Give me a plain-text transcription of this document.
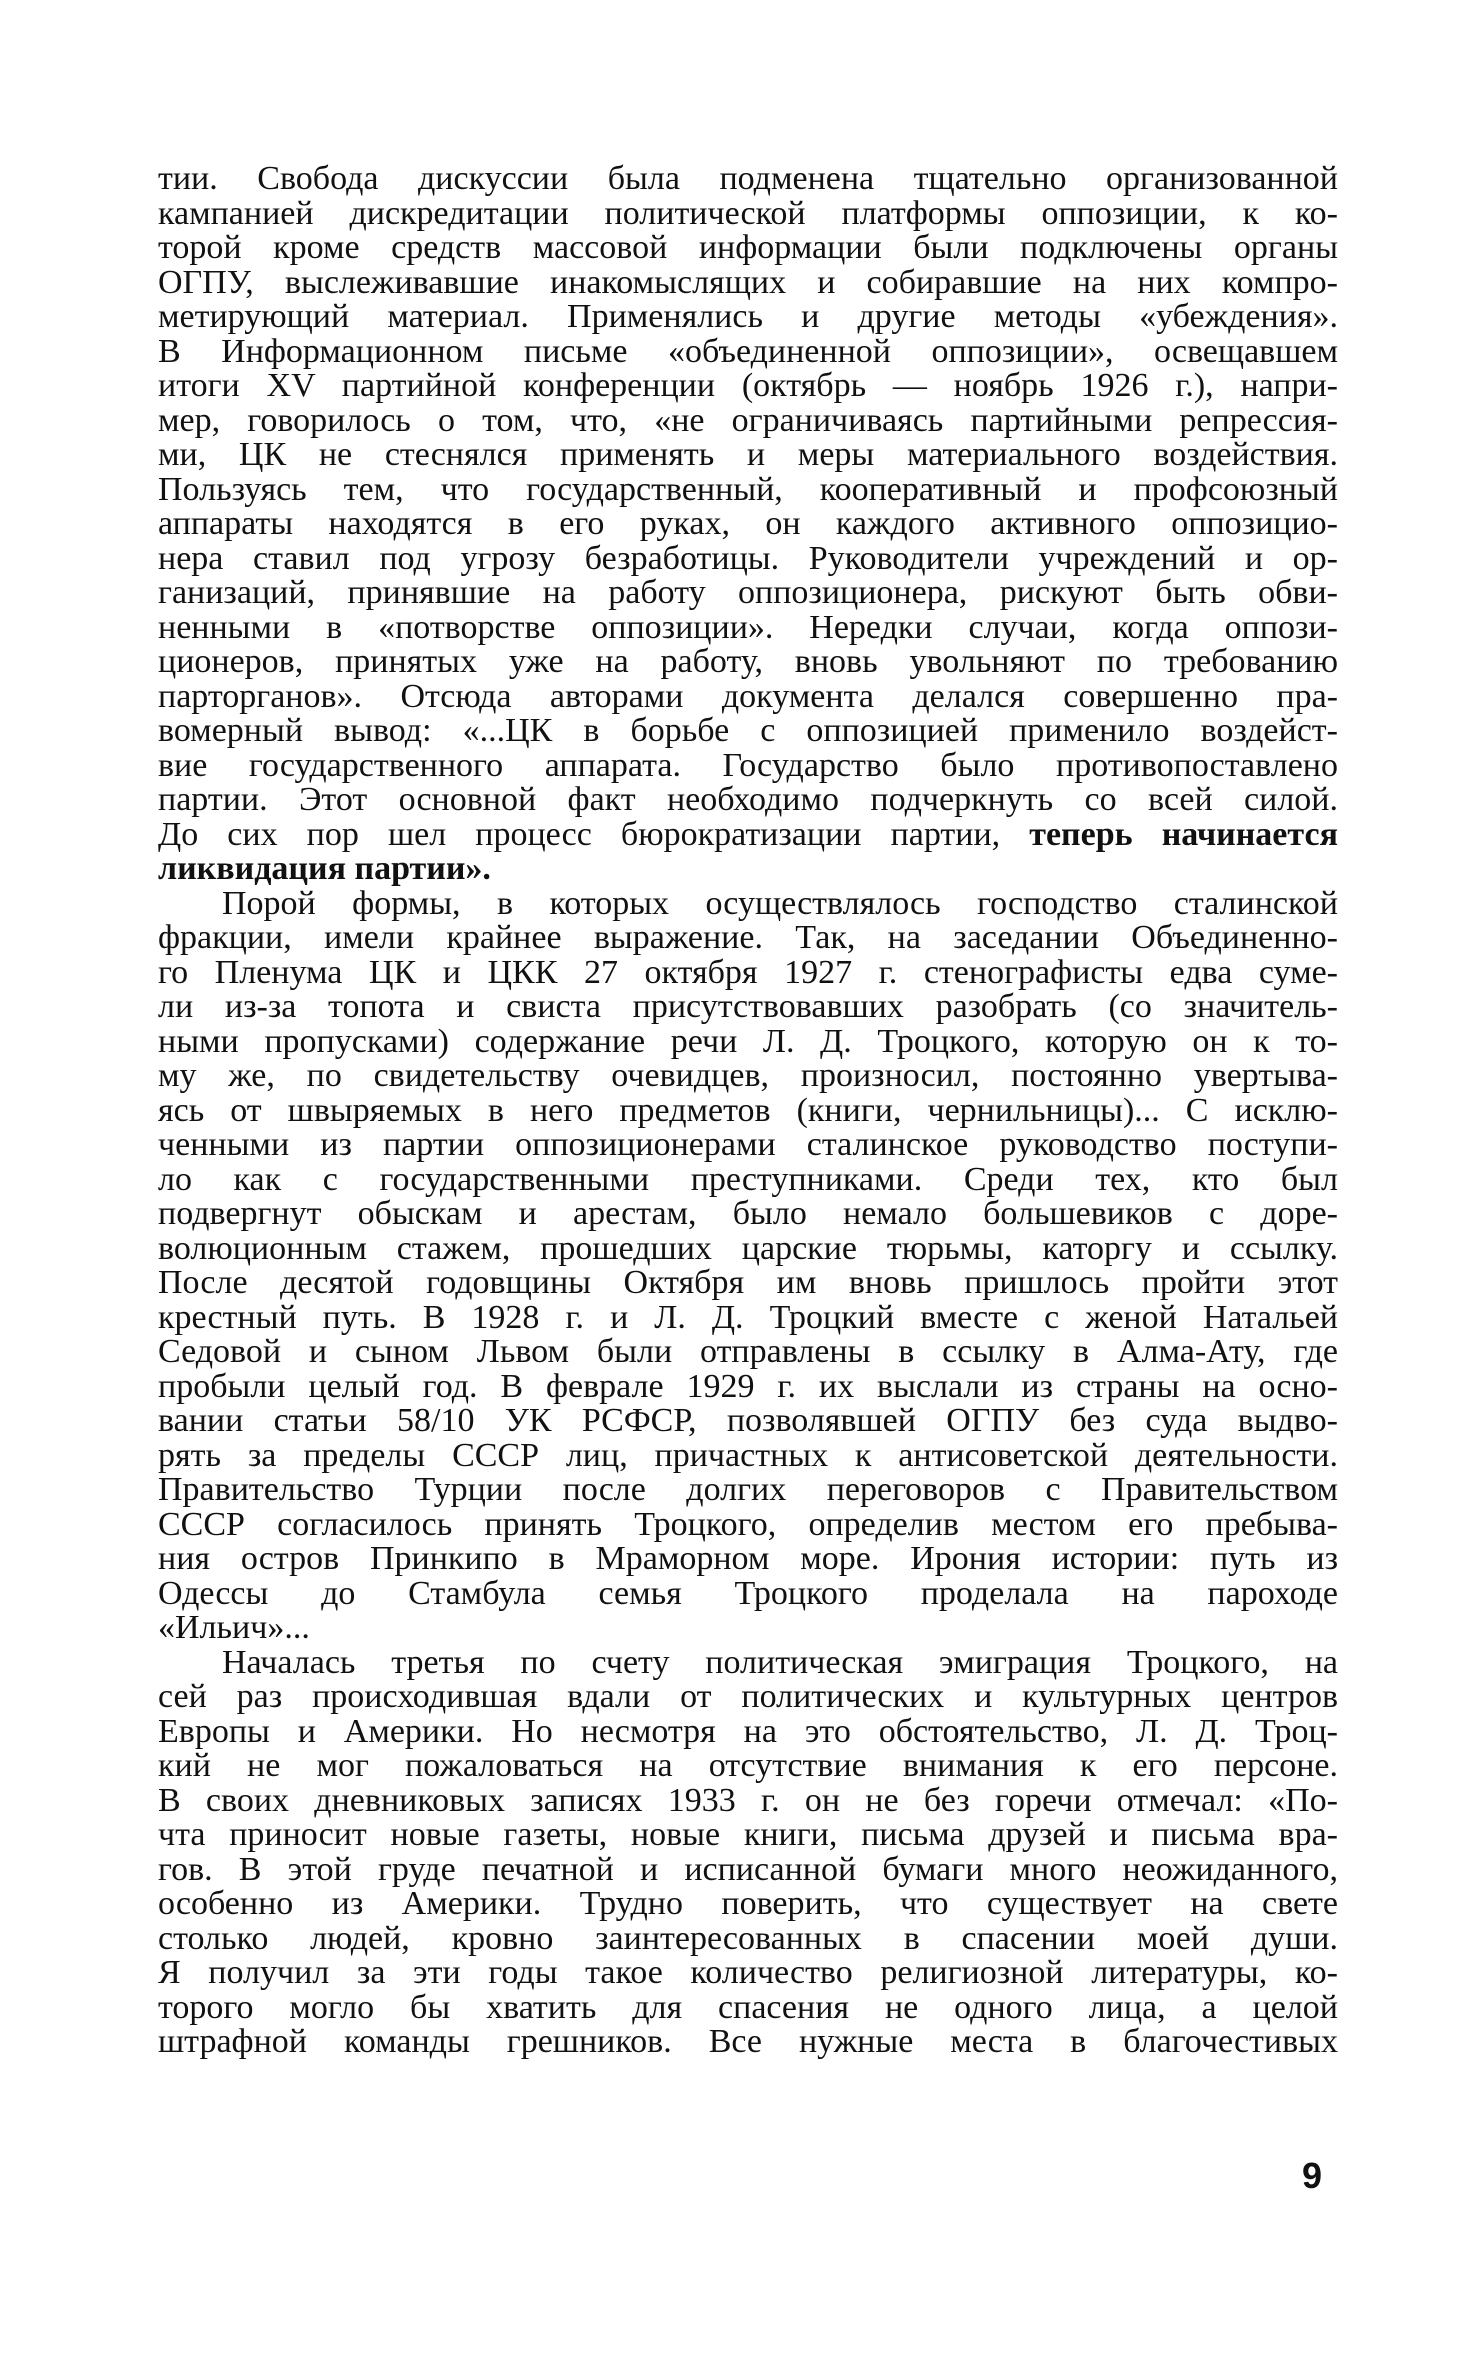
тии. Свобода дискуссии была подменена тщательно организованной
кампанией дискредитации политической платформы оппозиции, к ко-
торой кроме средств массовой информации были подключены органы
ОГПУ, выслеживавшие инакомыслящих и собиравшие на них компро-
метирующий материал. Применялись и другие методы «убеждения».
В Информационном письме «объединенной оппозиции», освещавшем
итоги XV партийной конференции (октябрь — ноябрь 1926 г.), напри-
мер, говорилось о том, что, «не ограничиваясь партийными репрессия-
ми, ЦК не стеснялся применять и меры материального воздействия.
Пользуясь тем, что государственный, кооперативный и профсоюзный
аппараты находятся в его руках, он каждого активного оппозицио-
нера ставил под угрозу безработицы. Руководители учреждений и ор-
ганизаций, принявшие на работу оппозиционера, рискуют быть обви-
ненными в «потворстве оппозиции». Нередки случаи, когда оппози-
ционеров, принятых уже на работу, вновь увольняют по требованию
парторганов». Отсюда авторами документа делался совершенно пра-
вомерный вывод: «...ЦК в борьбе с оппозицией применило воздейст-
вие государственного аппарата. Государство было противопоставлено
партии. Этот основной факт необходимо подчеркнуть со всей силой.
До сих пор шел процесс бюрократизации партии, теперь начинается
ликвидация партии».

Порой формы, в которых осуществлялось господство сталинской
фракции, имели крайнее выражение. Так, на заседании Объединенно-
го Пленума ЦК и ЦКК 27 октября 1927 г. стенографисты едва суме-
ли из-за топота и свиста присутствовавших разобрать (со значитель-
ными пропусками) содержание речи Л. Д. Троцкого, которую он к то-
му же, по свидетельству очевидцев, произносил, постоянно увертыва-
ясь от швыряемых в него предметов (книги, чернильницы)... С исклю-
ченными из партии оппозиционерами сталинское руководство поступи-
ло как с государственными преступниками. Среди тех, кто был
подвергнут обыскам и арестам, было немало большевиков с доре-
волюционным стажем, прошедших царские тюрьмы, каторгу и ссылку.
После десятой годовщины Октября им вновь пришлось пройти этот
крестный путь. В 1928 г. и Л. Д. Троцкий вместе с женой Натальей
Седовой и сыном Львом были отправлены в ссылку в Алма-Ату, где
пробыли целый год. В феврале 1929 г. их выслали из страны на осно-
вании статьи 58/10 УК РСФСР, позволявшей ОГПУ без суда выдво-
рять за пределы СССР лиц, причастных к антисоветской деятельности.
Правительство Турции после долгих переговоров с Правительством
СССР согласилось принять Троцкого, определив местом его пребыва-
ния остров Принкипо в Мраморном море. Ирония истории: путь из
Одессы до Стамбула семья Троцкого проделала на пароходе
«Ильич»...

Началась третья по счету политическая эмиграция Троцкого, на
сей раз происходившая вдали от политических и культурных центров
Европы и Америки. Но несмотря на это обстоятельство, Л. Д. Троц-
кий не мог пожаловаться на отсутствие внимания к его персоне.
В своих дневниковых записях 1933 г. он не без горечи отмечал: «По-
чта приносит новые газеты, новые книги, письма друзей и письма вра-
гов. В этой груде печатной и исписанной бумаги много неожиданного,
особенно из Америки. Трудно поверить, что существует на свете
столько людей, кровно заинтересованных в спасении моей души.
Я получил за эти годы такое количество религиозной литературы, ко-
торого могло бы хватить для спасения не одного лица, а целой
штрафной команды грешников. Все нужные места в благочестивых

9
